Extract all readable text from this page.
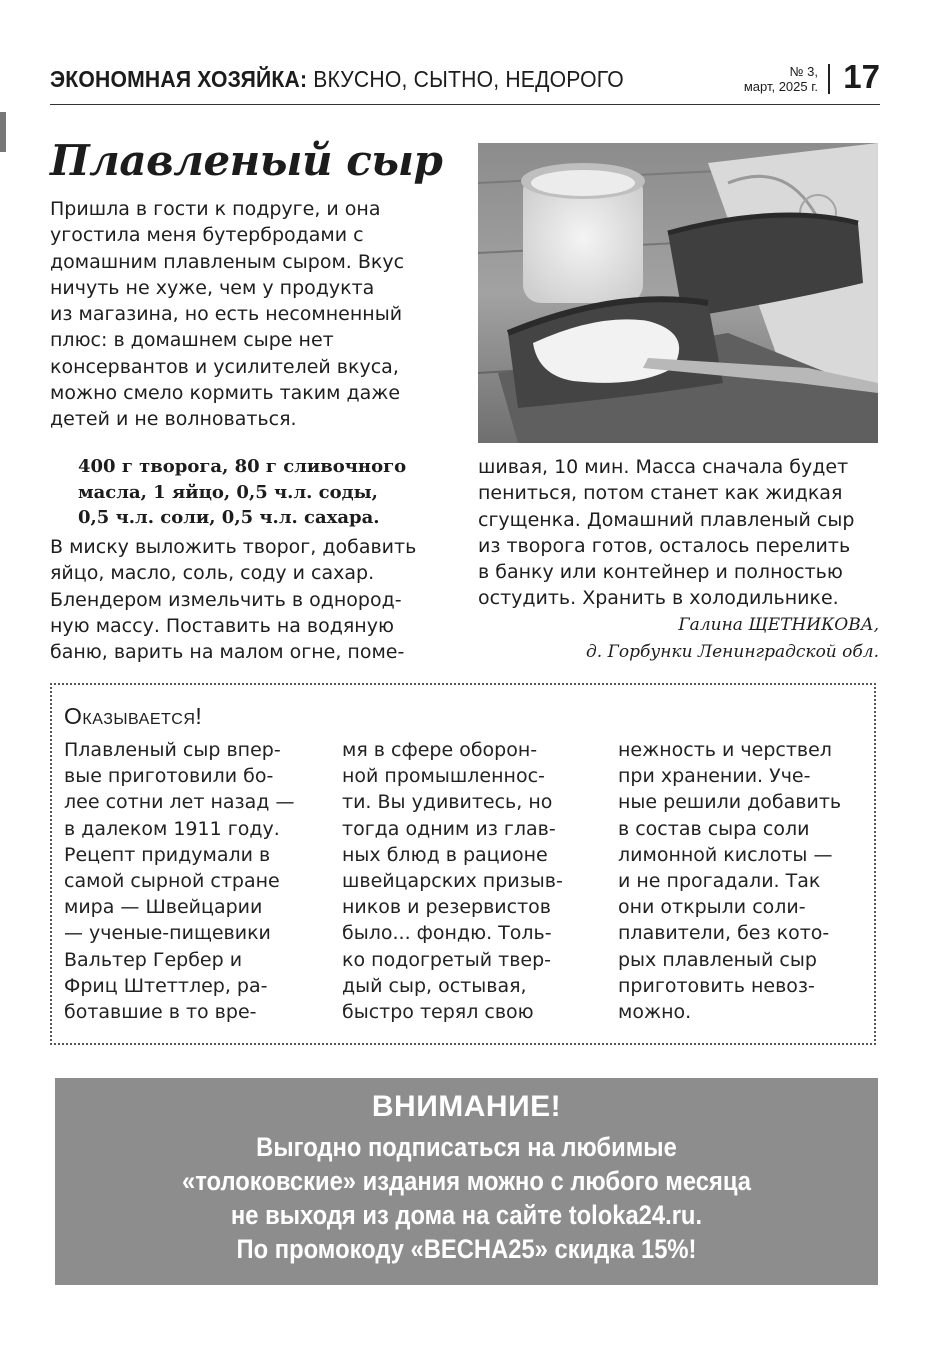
ЭКОНОМНАЯ ХОЗЯЙКА: ВКУСНО, СЫТНО, НЕДОРОГО	№ 3,
март, 2025 г. 17
Плавленый сыр
Пришла в гости к подруге, и она
угостила меня бутербродами с
домашним плавленым сыром. Вкус
ничуть не хуже, чем у продукта
из магазина, но есть несомненный
плюс: в домашнем сыре нет
консервантов и усилителей вкуса,
можно смело кормить таким даже
детей и не волноваться.
400 г творога, 80 г сливочного
масла, 1 яйцо, 0,5 ч.л. соды,
0,5 ч.л. соли, 0,5 ч.л. сахара.
В миску выложить творог, добавить
яйцо, масло, соль, соду и сахар.
Блендером измельчить в однород-
ную массу. Поставить на водяную
баню, варить на малом огне, поме-
шивая, 10 мин. Масса сначала будет
пениться, потом станет как жидкая
сгущенка. Домашний плавленый сыр
из творога готов, осталось перелить
в банку или контейнер и полностью
остудить. Хранить в холодильнике.
Галина ЩЕТНИКОВА,
д. Горбунки Ленинградской обл.
Оказывается!
Плавленый сыр впер-
вые приготовили бо-
лее сотни лет назад —
в далеком 1911 году.
Рецепт придумали в
самой сырной стране
мира — Швейцарии
— ученые-пищевики
Вальтер Гербер и
Фриц Штеттлер, ра-
ботавшие в то вре-
мя в сфере оборон-
ной промышленнос-
ти. Вы удивитесь, но
тогда одним из глав-
ных блюд в рационе
швейцарских призыв-
ников и резервистов
было... фондю. Толь-
ко подогретый твер-
дый сыр, остывая,
быстро терял свою
нежность и черствел
при хранении. Уче-
ные решили добавить
в состав сыра соли
лимонной кислоты —
и не прогадали. Так
они открыли соли-
плавители, без кото-
рых плавленый сыр
приготовить невоз-
можно.
ВНИМАНИЕ!
Выгодно подписаться на любимые
«толоковские» издания можно с любого месяца
не выходя из дома на сайте toloka24.ru.
По промокоду «ВЕСНА25» скидка 15%!
